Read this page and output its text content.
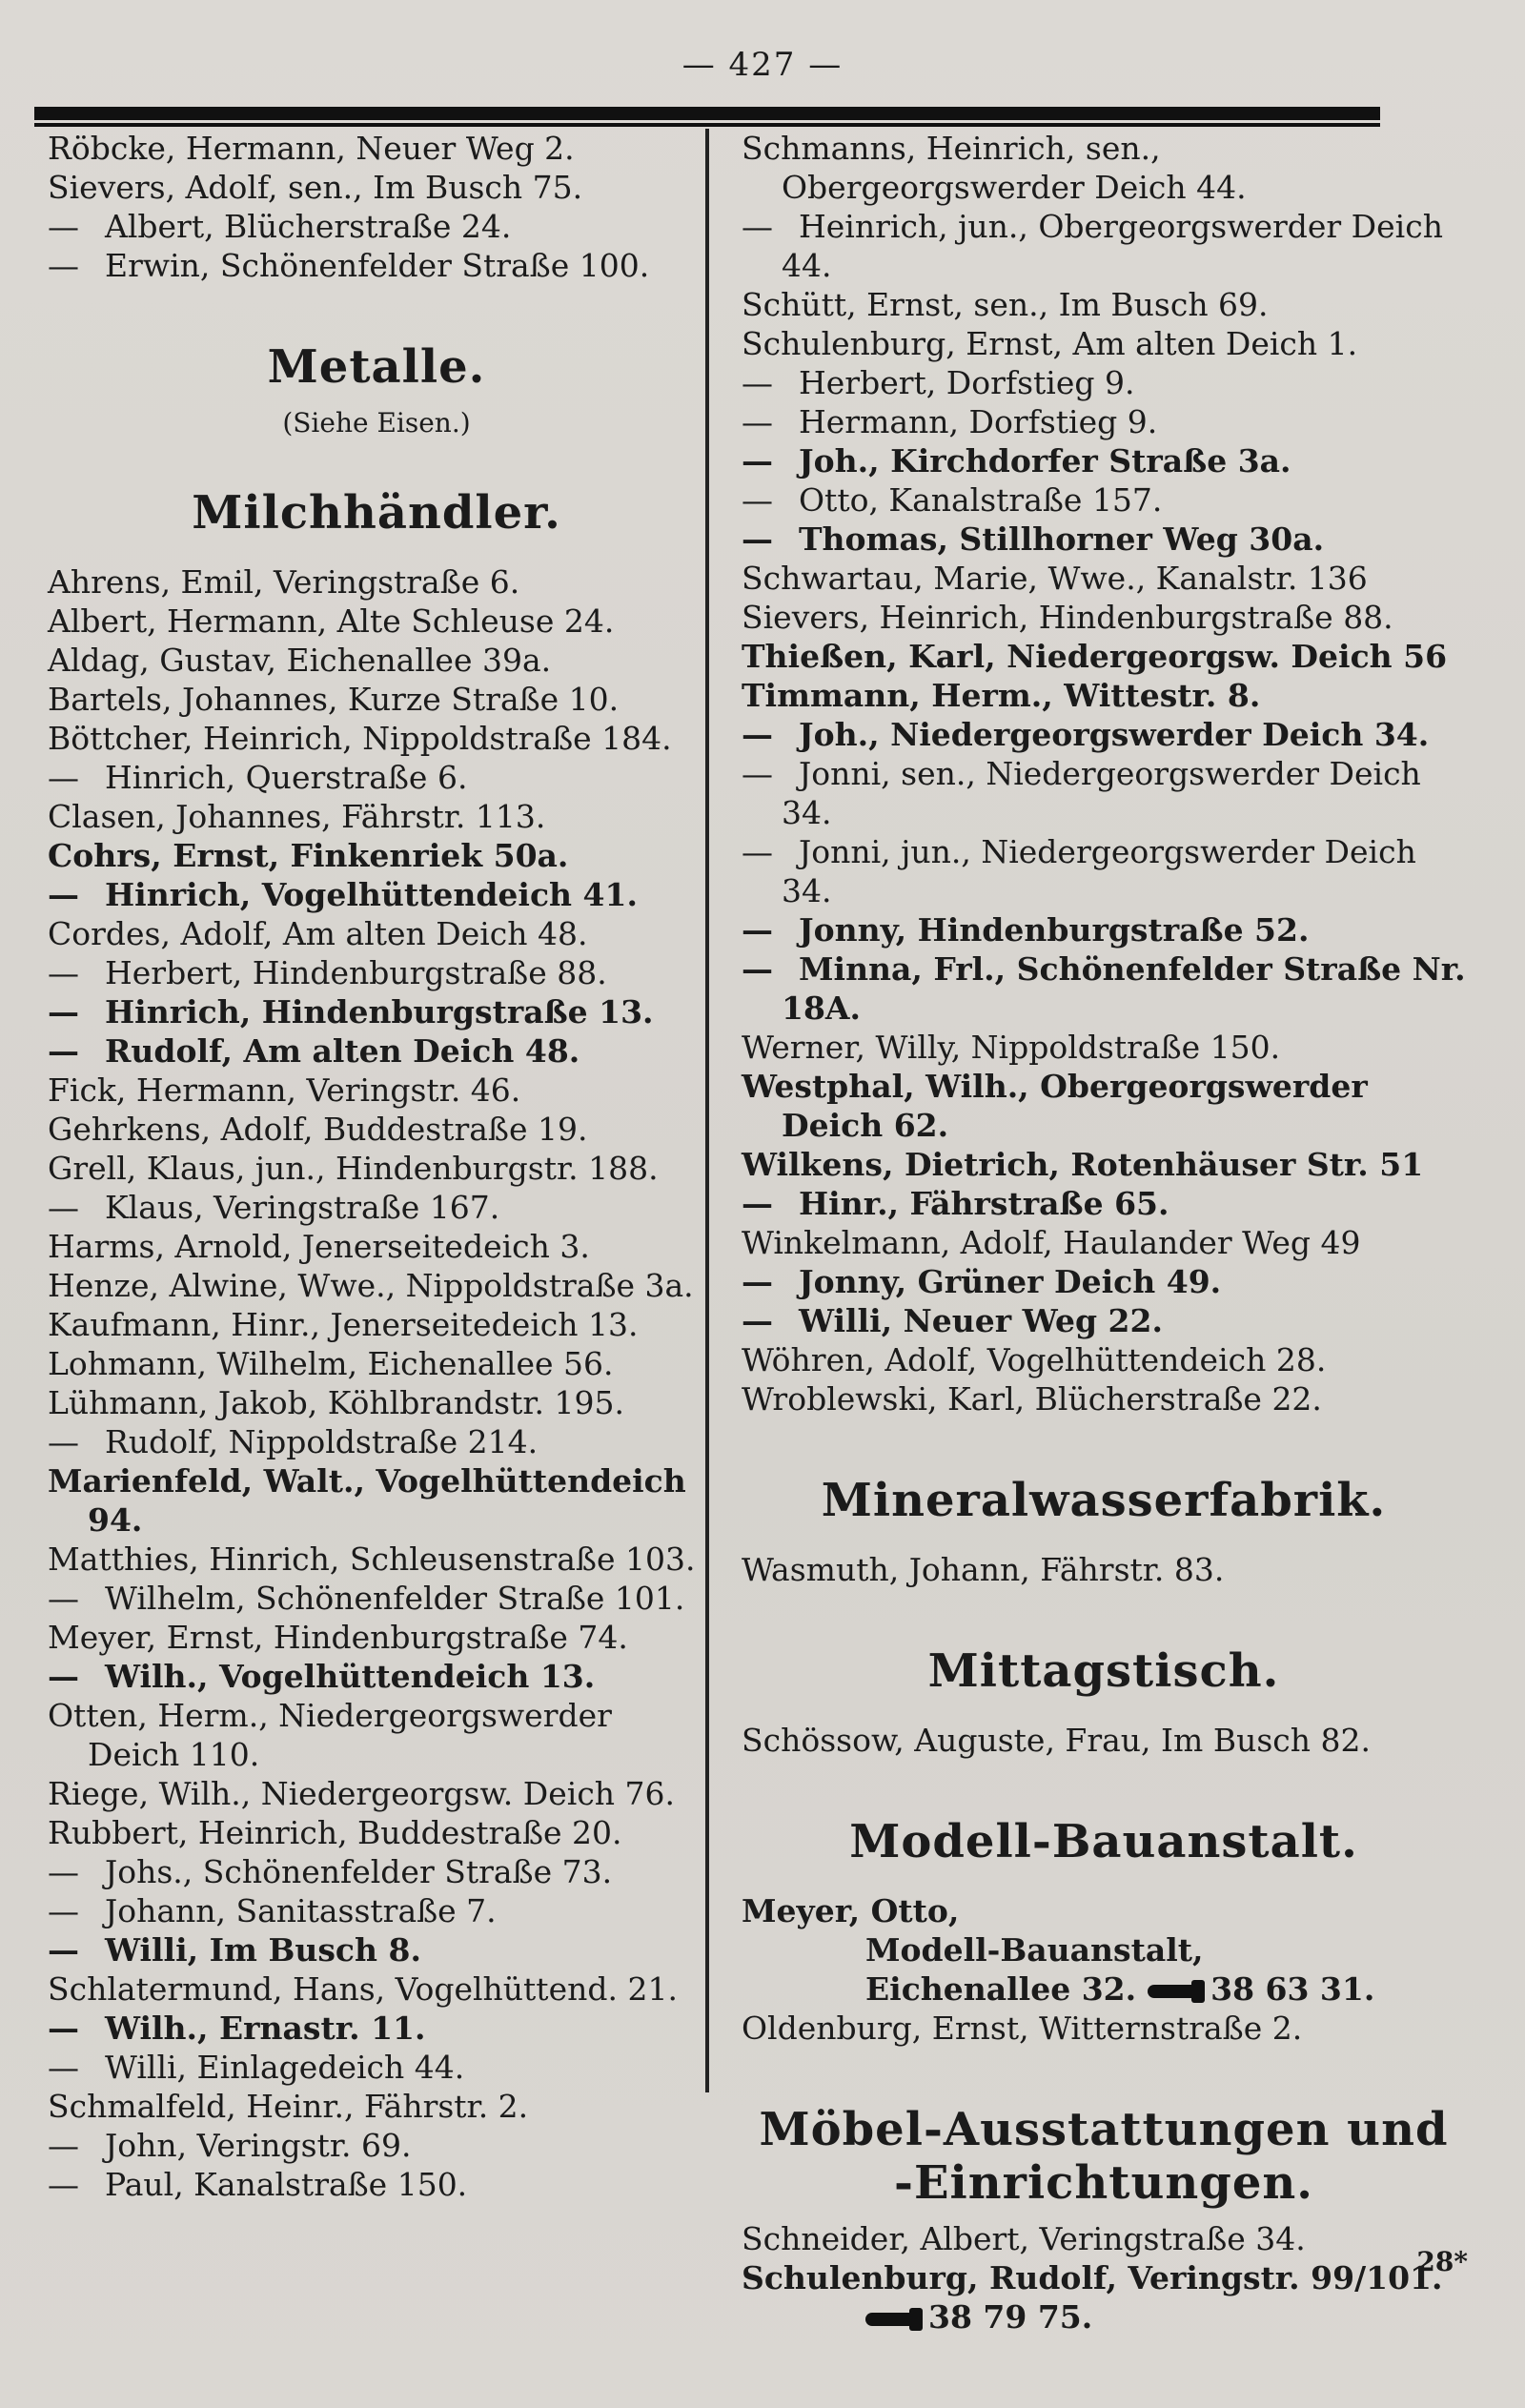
— 427 —
Röbcke, Hermann, Neuer Weg 2.
Sievers, Adolf, sen., Im Busch 75.
— Albert, Blücherstraße 24.
— Erwin, Schönenfelder Straße 100.
Metalle.
(Siehe Eisen.)
Milchhändler.
Ahrens, Emil, Veringstraße 6.
Albert, Hermann, Alte Schleuse 24.
Aldag, Gustav, Eichenallee 39a.
Bartels, Johannes, Kurze Straße 10.
Böttcher, Heinrich, Nippoldstraße 184.
— Hinrich, Querstraße 6.
Clasen, Johannes, Fährstr. 113.
Cohrs, Ernst, Finkenriek 50a.
— Hinrich, Vogelhüttendeich 41.
Cordes, Adolf, Am alten Deich 48.
— Herbert, Hindenburgstraße 88.
— Hinrich, Hindenburgstraße 13.
— Rudolf, Am alten Deich 48.
Fick, Hermann, Veringstr. 46.
Gehrkens, Adolf, Buddestraße 19.
Grell, Klaus, jun., Hindenburgstr. 188.
— Klaus, Veringstraße 167.
Harms, Arnold, Jenerseitedeich 3.
Henze, Alwine, Wwe., Nippoldstraße 3a.
Kaufmann, Hinr., Jenerseitedeich 13.
Lohmann, Wilhelm, Eichenallee 56.
Lühmann, Jakob, Köhlbrandstr. 195.
— Rudolf, Nippoldstraße 214.
Marienfeld, Walt., Vogelhüttendeich 94.
Matthies, Hinrich, Schleusenstraße 103.
— Wilhelm, Schönenfelder Straße 101.
Meyer, Ernst, Hindenburgstraße 74.
— Wilh., Vogelhüttendeich 13.
Otten, Herm., Niedergeorgswerder Deich 110.
Riege, Wilh., Niedergeorgsw. Deich 76.
Rubbert, Heinrich, Buddestraße 20.
— Johs., Schönenfelder Straße 73.
— Johann, Sanitasstraße 7.
— Willi, Im Busch 8.
Schlatermund, Hans, Vogelhüttend. 21.
— Wilh., Ernastr. 11.
— Willi, Einlagedeich 44.
Schmalfeld, Heinr., Fährstr. 2.
— John, Veringstr. 69.
— Paul, Kanalstraße 150.
Schmanns, Heinrich, sen., Obergeorgswerder Deich 44.
— Heinrich, jun., Obergeorgswerder Deich 44.
Schütt, Ernst, sen., Im Busch 69.
Schulenburg, Ernst, Am alten Deich 1.
— Herbert, Dorfstieg 9.
— Hermann, Dorfstieg 9.
— Joh., Kirchdorfer Straße 3a.
— Otto, Kanalstraße 157.
— Thomas, Stillhorner Weg 30a.
Schwartau, Marie, Wwe., Kanalstr. 136
Sievers, Heinrich, Hindenburgstraße 88.
Thießen, Karl, Niedergeorgsw. Deich 56
Timmann, Herm., Wittestr. 8.
— Joh., Niedergeorgswerder Deich 34.
— Jonni, sen., Niedergeorgswerder Deich 34.
— Jonni, jun., Niedergeorgswerder Deich 34.
— Jonny, Hindenburgstraße 52.
— Minna, Frl., Schönenfelder Straße Nr. 18A.
Werner, Willy, Nippoldstraße 150.
Westphal, Wilh., Obergeorgswerder Deich 62.
Wilkens, Dietrich, Rotenhäuser Str. 51
— Hinr., Fährstraße 65.
Winkelmann, Adolf, Haulander Weg 49
— Jonny, Grüner Deich 49.
— Willi, Neuer Weg 22.
Wöhren, Adolf, Vogelhüttendeich 28.
Wroblewski, Karl, Blücherstraße 22.
Mineralwasserfabrik.
Wasmuth, Johann, Fährstr. 83.
Mittagstisch.
Schössow, Auguste, Frau, Im Busch 82.
Modell-Bauanstalt.
Meyer, Otto,
Modell-Bauanstalt,
Eichenallee 32. 38 63 31.
Oldenburg, Ernst, Witternstraße 2.
Möbel-Ausstattungen und
-Einrichtungen.
Schneider, Albert, Veringstraße 34.
Schulenburg, Rudolf, Veringstr. 99/101.
38 79 75.
28*
